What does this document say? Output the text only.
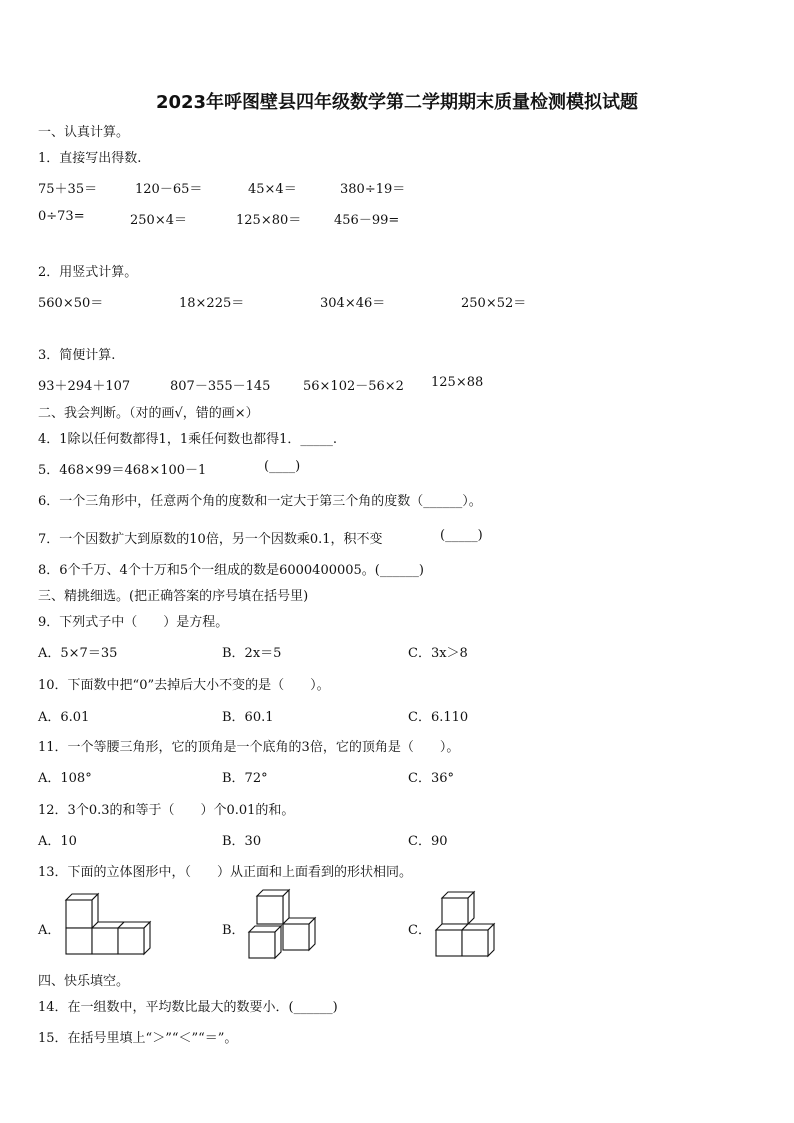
2023年呼图壁县四年级数学第二学期期末质量检测模拟试题
一、认真计算。
1．直接写出得数.
75＋35＝	120－65＝	45×4＝	380÷19＝
0÷73=	250×4＝	125×80＝	456－99=
2．用竖式计算。
560×50＝	18×225＝	304×46＝	250×52＝
3．简便计算.
93＋294＋107	807－355－145	56×102－56×2 125×88
二、我会判断。（对的画√，错的画×）
4．1除以任何数都得1，1乘任何数也都得1．_____.
5．468×99＝468×100－1	(____)
6．一个三角形中，任意两个角的度数和一定大于第三个角的度数（______）。
7．一个因数扩大到原数的10倍，另一个因数乘0.1，积不变	(_____)
8．6个千万、4个十万和5个一组成的数是6000400005。(______)
三、精挑细选。(把正确答案的序号填在括号里)
9．下列式子中（　　）是方程。
A．5×7＝35	B．2x＝5	C．3x＞8
10．下面数中把“0”去掉后大小不变的是（　　）。
A．6.01	B．60.1	C．6.110
11．一个等腰三角形，它的顶角是一个底角的3倍，它的顶角是（　　）。
A．108°	B．72°	C．36°
12．3个0.3的和等于（　　）个0.01的和。
A．10	B．30	C．90
13．下面的立体图形中，（　　）从正面和上面看到的形状相同。
A．	B．	C．
四、快乐填空。
14．在一组数中，平均数比最大的数要小．(______)
15．在括号里填上“＞”“＜”“＝”。
